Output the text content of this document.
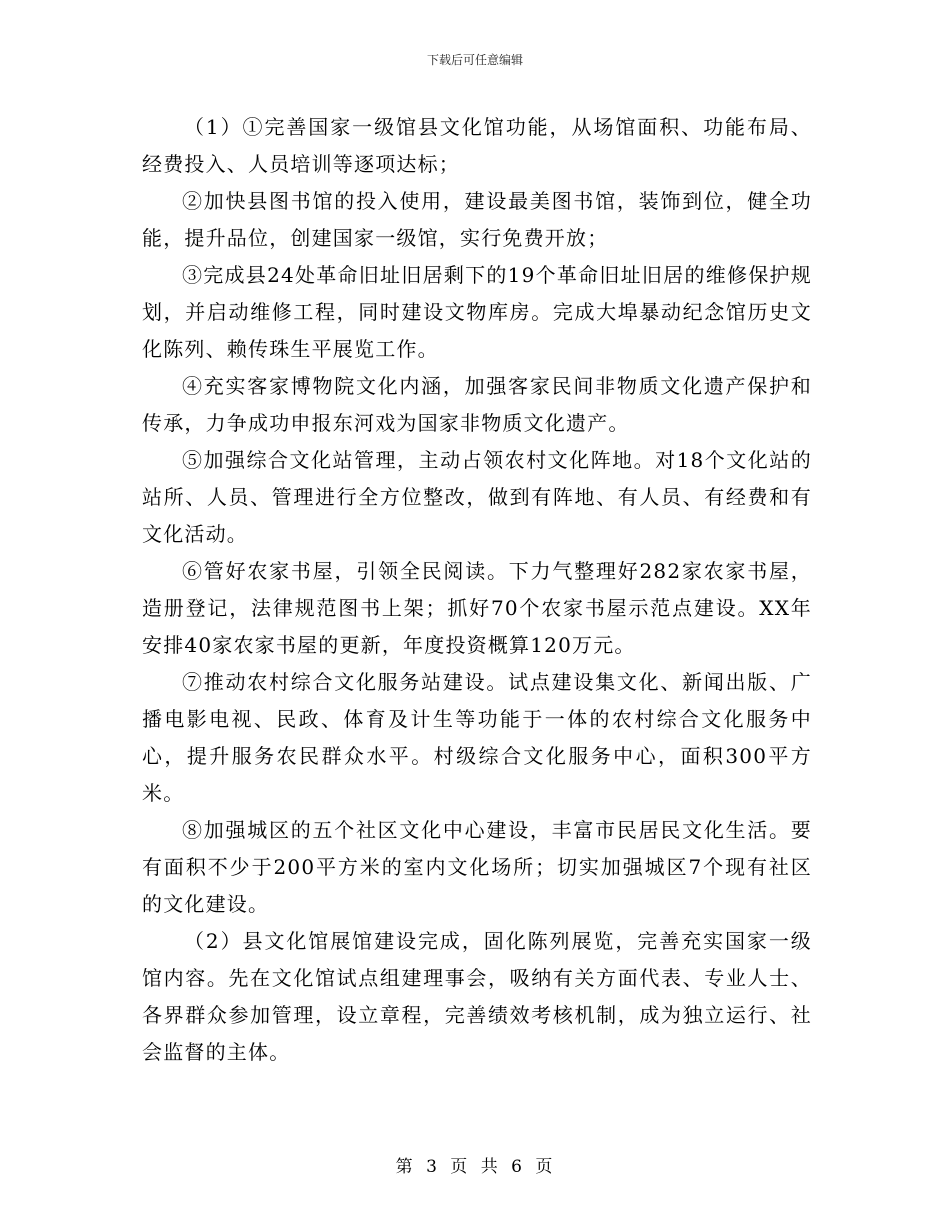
下载后可任意编辑

（1）①完善国家一级馆县文化馆功能，从场馆面积、功能布局、经费投入、人员培训等逐项达标；

②加快县图书馆的投入使用，建设最美图书馆，装饰到位，健全功能，提升品位，创建国家一级馆，实行免费开放；

③完成县24处革命旧址旧居剩下的19个革命旧址旧居的维修保护规划，并启动维修工程，同时建设文物库房。完成大埠暴动纪念馆历史文化陈列、赖传珠生平展览工作。

④充实客家博物院文化内涵，加强客家民间非物质文化遗产保护和传承，力争成功申报东河戏为国家非物质文化遗产。

⑤加强综合文化站管理，主动占领农村文化阵地。对18个文化站的站所、人员、管理进行全方位整改，做到有阵地、有人员、有经费和有文化活动。

⑥管好农家书屋，引领全民阅读。下力气整理好282家农家书屋，造册登记，法律规范图书上架；抓好70个农家书屋示范点建设。XX年安排40家农家书屋的更新，年度投资概算120万元。

⑦推动农村综合文化服务站建设。试点建设集文化、新闻出版、广播电影电视、民政、体育及计生等功能于一体的农村综合文化服务中心，提升服务农民群众水平。村级综合文化服务中心，面积300平方米。

⑧加强城区的五个社区文化中心建设，丰富市民居民文化生活。要有面积不少于200平方米的室内文化场所；切实加强城区7个现有社区的文化建设。

（2）县文化馆展馆建设完成，固化陈列展览，完善充实国家一级馆内容。先在文化馆试点组建理事会，吸纳有关方面代表、专业人士、各界群众参加管理，设立章程，完善绩效考核机制，成为独立运行、社会监督的主体。

第 3 页 共 6 页
